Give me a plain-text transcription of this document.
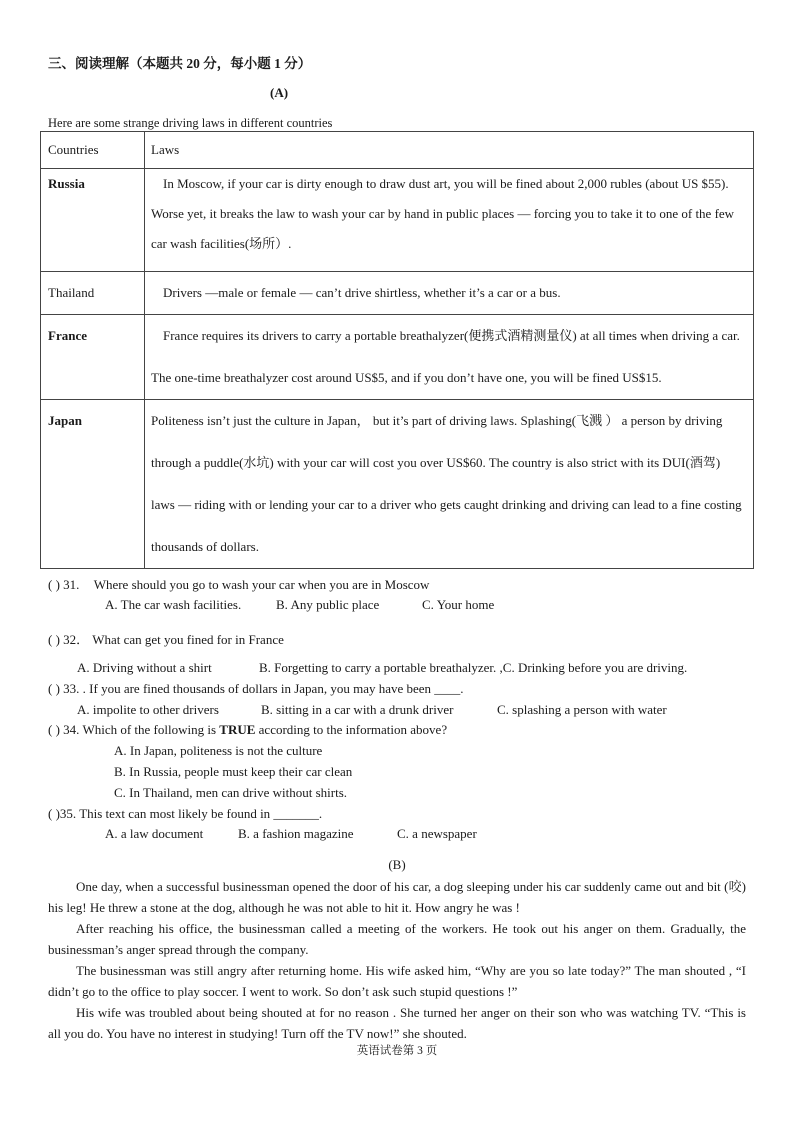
三、阅读理解（本题共 20 分，每小题 1 分）
(A)
Here are some strange driving laws in different countries
Countries	Laws
Russia	In Moscow, if your car is dirty enough to draw dust art, you will be fined about 2,000 rubles (about US $55). Worse yet, it breaks the law to wash your car by hand in public places — forcing you to take it to one of the few car wash facilities(场所）.
Thailand	Drivers —male or female — can’t drive shirtless, whether it’s a car or a bus.
France	France requires its drivers to carry a portable breathalyzer(便携式酒精测量仪) at all times when driving a car. The one-time breathalyzer cost around US$5, and if you don’t have one, you will be fined US$15.
Japan	Politeness isn’t just the culture in Japan， but it’s part of driving laws. Splashing(飞溅 ） a person by driving through a puddle(水坑) with your car will cost you over US$60. The country is also strict with its DUI(酒驾) laws — riding with or lending your car to a driver who gets caught drinking and driving can lead to a fine costing thousands of dollars.
( ) 31. Where should you go to wash your car when you are in Moscow
A. The car wash facilities.	B. Any public place	C. Your home
( ) 32． What can get you fined for in France
A. Driving without a shirt	B. Forgetting to carry a portable breathalyzer. ,C. Drinking before you are driving.
( ) 33. . If you are fined thousands of dollars in Japan, you may have been ____.
A. impolite to other drivers	B. sitting in a car with a drunk driver	C. splashing a person with water
( ) 34. Which of the following is TRUE according to the information above?
A. In Japan, politeness is not the culture
B. In Russia, people must keep their car clean
C. In Thailand, men can drive without shirts.
( )35. This text can most likely be found in _______.
A. a law document	B. a fashion magazine	C. a newspaper
(B)
One day, when a successful businessman opened the door of his car, a dog sleeping under his car suddenly came out and bit (咬) his leg! He threw a stone at the dog, although he was not able to hit it. How angry he was !
After reaching his office, the businessman called a meeting of the workers. He took out his anger on them. Gradually, the businessman’s anger spread through the company.
The businessman was still angry after returning home. His wife asked him, “Why are you so late today?” The man shouted , “I didn’t go to the office to play soccer. I went to work. So don’t ask such stupid questions !”
His wife was troubled about being shouted at for no reason . She turned her anger on their son who was watching TV. “This is all you do. You have no interest in studying! Turn off the TV now!” she shouted.
英语试卷第 3 页
